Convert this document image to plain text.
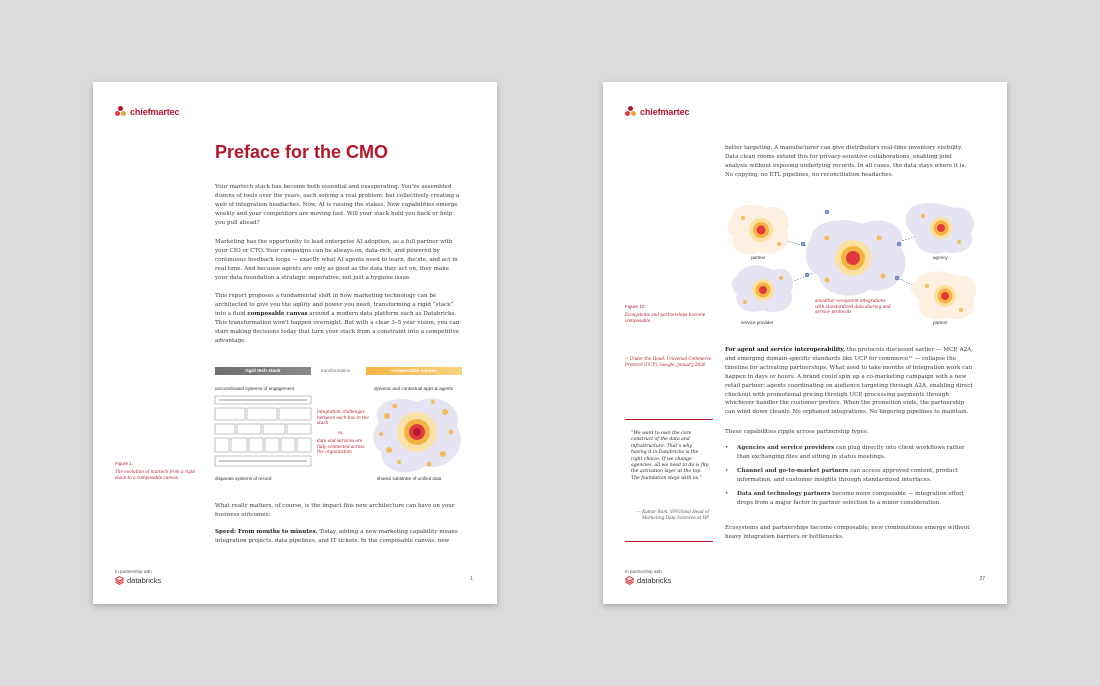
chiefmartec
Preface for the CMO

Your martech stack has become both essential and exasperating. You’ve assembled dozens of tools over the years, each solving a real problem, but collectively creating a web of integration headaches. Now, AI is raising the stakes. New capabilities emerge weekly and your competitors are moving fast. Will your stack hold you back or help you pull ahead?

Marketing has the opportunity to lead enterprise AI adoption, as a full partner with your CIO or CTO. Your campaigns can be always-on, data-rich, and powered by continuous feedback loops — exactly what AI agents need to learn, decide, and act in real time. And because agents are only as good as the data they act on, they make your data foundation a strategic imperative, not just a hygiene issue.

This report proposes a fundamental shift in how marketing technology can be architected to give you the agility and power you need, transforming a rigid “stack” into a fluid composable canvas around a modern data platform such as Databricks. This transformation won’t happen overnight. But with a clear 3–5 year vision, you can start making decisions today that turn your stack from a constraint into a competitive advantage.

rigid tech stack	transformation	composable canvas
uncoordinated systems of engagement	dynamic and contextual apps & agents
integration challenges between each box in the stack
vs.
data and services are fully connected across the organization
disparate systems of record	shared substrate of unified data
Figure 1.
The evolution of martech from a rigid stack to a composable canvas

What really matters, of course, is the impact this new architecture can have on your business outcomes:

Speed: From months to minutes. Today, adding a new marketing capability means integration projects, data pipelines, and IT tickets. In the composable canvas, new

In partnership with
databricks	1
chiefmartec

better targeting. A manufacturer can give distributors real-time inventory visibility. Data clean rooms extend this for privacy-sensitive collaborations, enabling joint analysis without exposing underlying records. In all cases, the data stays where it is. No copying, no ETL pipelines, no reconciliation headaches.

partner	agency
service provider	partner
smoother ecosystem integrations with standardized data sharing and service protocols
Figure 10.
Ecosystems and partnerships become composable
¹² Under the Hood: Universal Commerce Protocol (UCP), Google, January 2026

For agent and service interoperability, the protocols discussed earlier — MCP, A2A, and emerging domain-specific standards like UCP for commerce¹² — collapse the timeline for activating partnerships. What used to take months of integration work can happen in days or hours. A brand could spin up a co-marketing campaign with a new retail partner: agents coordinating on audience targeting through A2A, enabling direct checkout with promotional pricing through UCP, processing payments through whichever handler the customer prefers. When the promotion ends, the partnership can wind down cleanly. No orphaned integrations. No lingering pipelines to maintain.

“We want to own the core construct of the data and infrastructure. That’s why having it in Databricks is the right choice. If we change agencies, all we need to do is flip the activation layer at the top. The foundation stays with us.”
— Kumar Ram, VP/Global Head of Marketing Data Sciences at HP

These capabilities ripple across partnership types:

• Agencies and service providers can plug directly into client workflows rather than exchanging files and sitting in status meetings.
• Channel and go-to-market partners can access approved content, product information, and customer insights through standardized interfaces.
• Data and technology partners become more composable — integration effort drops from a major factor in partner selection to a minor consideration.

Ecosystems and partnerships become composable: new combinations emerge without heavy integration barriers or bottlenecks.

In partnership with
databricks	27
